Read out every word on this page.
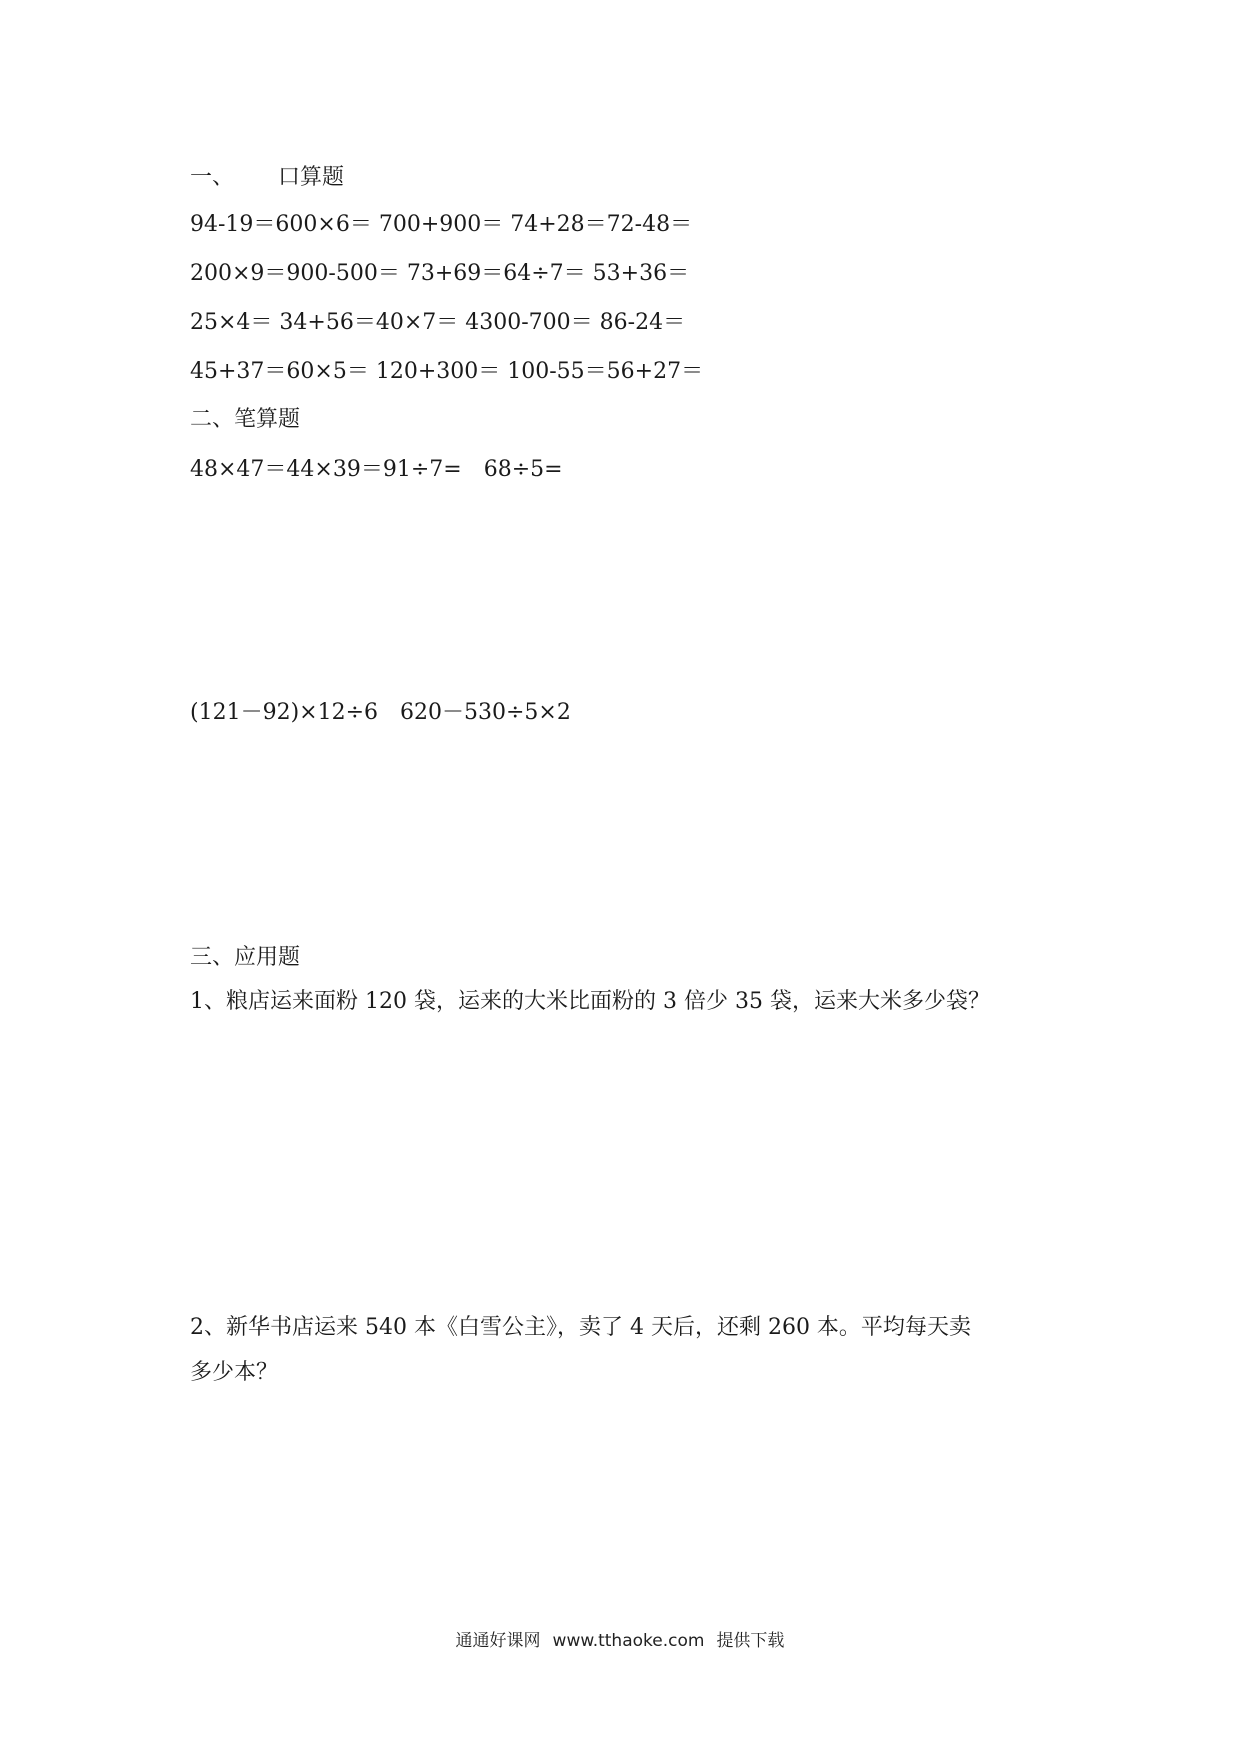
一、 口算题
94-19＝600×6＝ 700+900＝ 74+28＝72-48＝
200×9＝900-500＝ 73+69＝64÷7＝ 53+36＝
25×4＝ 34+56＝40×7＝ 4300-700＝ 86-24＝
45+37＝60×5＝ 120+300＝ 100-55＝56+27＝
二、笔算题
48×47＝44×39＝91÷7=　68÷5=
(121－92)×12÷6　620－530÷5×2
三、应用题
1、粮店运来面粉 120 袋，运来的大米比面粉的 3 倍少 35 袋，运来大米多少袋？
2、新华书店运来 540 本《白雪公主》，卖了 4 天后，还剩 260 本。平均每天卖
多少本？
通通好课网 www.tthaoke.com 提供下载
